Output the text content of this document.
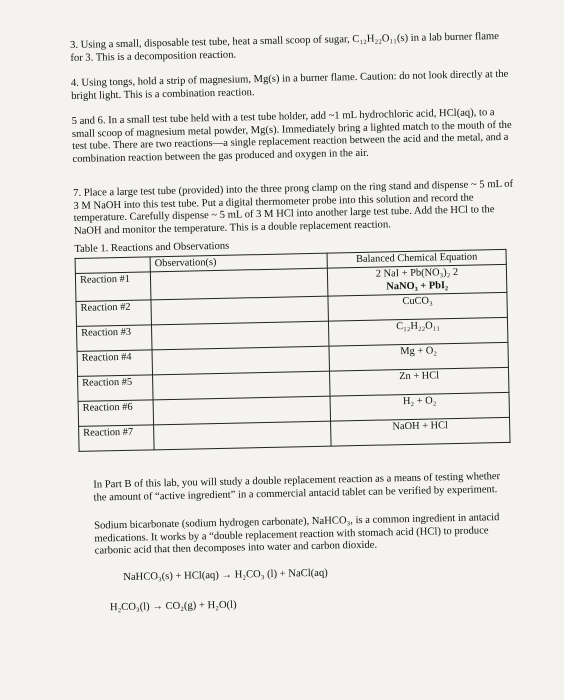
3. Using a small, disposable test tube, heat a small scoop of sugar, C₁₂H₂₂O₁₁(s) in a lab burner flame for 3. This is a decomposition reaction.

4. Using tongs, hold a strip of magnesium, Mg(s) in a burner flame. Caution: do not look directly at the bright light. This is a combination reaction.

5 and 6. In a small test tube held with a test tube holder, add ~1 mL hydrochloric acid, HCl(aq), to a small scoop of magnesium metal powder, Mg(s). Immediately bring a lighted match to the mouth of the test tube. There are two reactions—a single replacement reaction between the acid and the metal, and a combination reaction between the gas produced and oxygen in the air.

7. Place a large test tube (provided) into the three prong clamp on the ring stand and dispense ~ 5 mL of 3 M NaOH into this test tube. Put a digital thermometer probe into this solution and record the temperature. Carefully dispense ~ 5 mL of 3 M HCl into another large test tube. Add the HCl to the NaOH and monitor the temperature. This is a double replacement reaction.

Table 1. Reactions and Observations
	Observation(s)	Balanced Chemical Equation
Reaction #1		2 NaI + Pb(NO₃)₂ 2
NaNO₃ + PbI₂

Reaction #2		CuCO₃
Reaction #3		C₁₂H₂₂O₁₁
Reaction #4		Mg + O₂
Reaction #5		Zn + HCl
Reaction #6		H₂ + O₂
Reaction #7		NaOH + HCl

In Part B of this lab, you will study a double replacement reaction as a means of testing whether the amount of “active ingredient” in a commercial antacid tablet can be verified by experiment.

Sodium bicarbonate (sodium hydrogen carbonate), NaHCO₃, is a common ingredient in antacid medications. It works by a “double replacement reaction with stomach acid (HCl) to produce carbonic acid that then decomposes into water and carbon dioxide.

NaHCO₃(s) + HCl(aq) → H₂CO₃ (l) + NaCl(aq)
H₂CO₃(l) → CO₂(g) + H₂O(l)
